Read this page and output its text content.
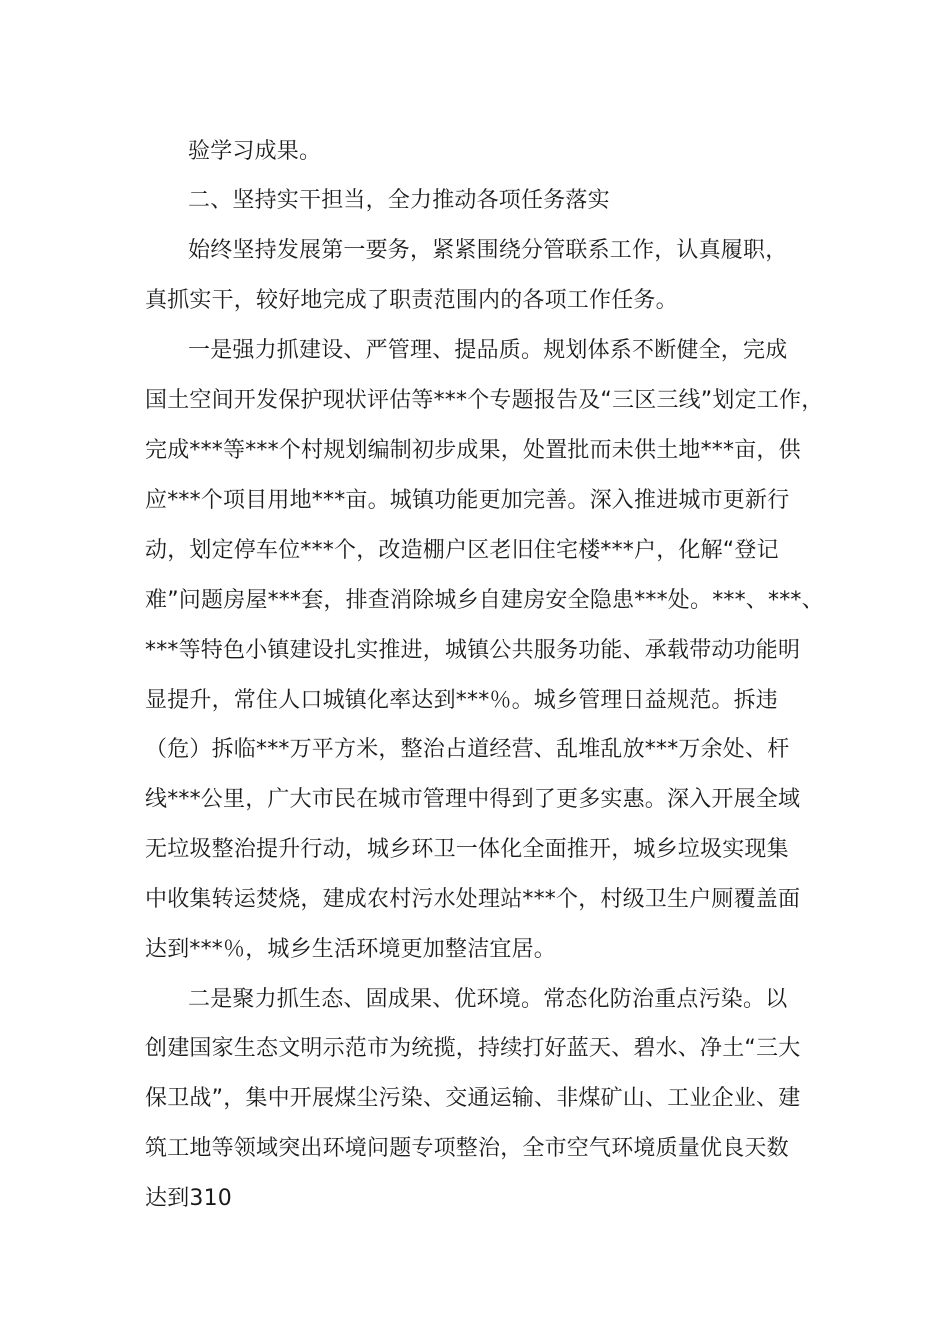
验学习成果。
二、坚持实干担当，全力推动各项任务落实
始终坚持发展第一要务，紧紧围绕分管联系工作，认真履职，
真抓实干，较好地完成了职责范围内的各项工作任务。
一是强力抓建设、严管理、提品质。规划体系不断健全，完成
国土空间开发保护现状评估等***个专题报告及“三区三线”划定工作，
完成***等***个村规划编制初步成果，处置批而未供土地***亩，供
应***个项目用地***亩。城镇功能更加完善。深入推进城市更新行
动，划定停车位***个，改造棚户区老旧住宅楼***户，化解“登记
难”问题房屋***套，排查消除城乡自建房安全隐患***处。***、***、
***等特色小镇建设扎实推进，城镇公共服务功能、承载带动功能明
显提升，常住人口城镇化率达到***％。城乡管理日益规范。拆违
（危）拆临***万平方米，整治占道经营、乱堆乱放***万余处、杆
线***公里，广大市民在城市管理中得到了更多实惠。深入开展全域
无垃圾整治提升行动，城乡环卫一体化全面推开，城乡垃圾实现集
中收集转运焚烧，建成农村污水处理站***个，村级卫生户厕覆盖面
达到***％，城乡生活环境更加整洁宜居。
二是聚力抓生态、固成果、优环境。常态化防治重点污染。以
创建国家生态文明示范市为统揽，持续打好蓝天、碧水、净土“三大
保卫战”，集中开展煤尘污染、交通运输、非煤矿山、工业企业、建
筑工地等领域突出环境问题专项整治，全市空气环境质量优良天数
达到310
